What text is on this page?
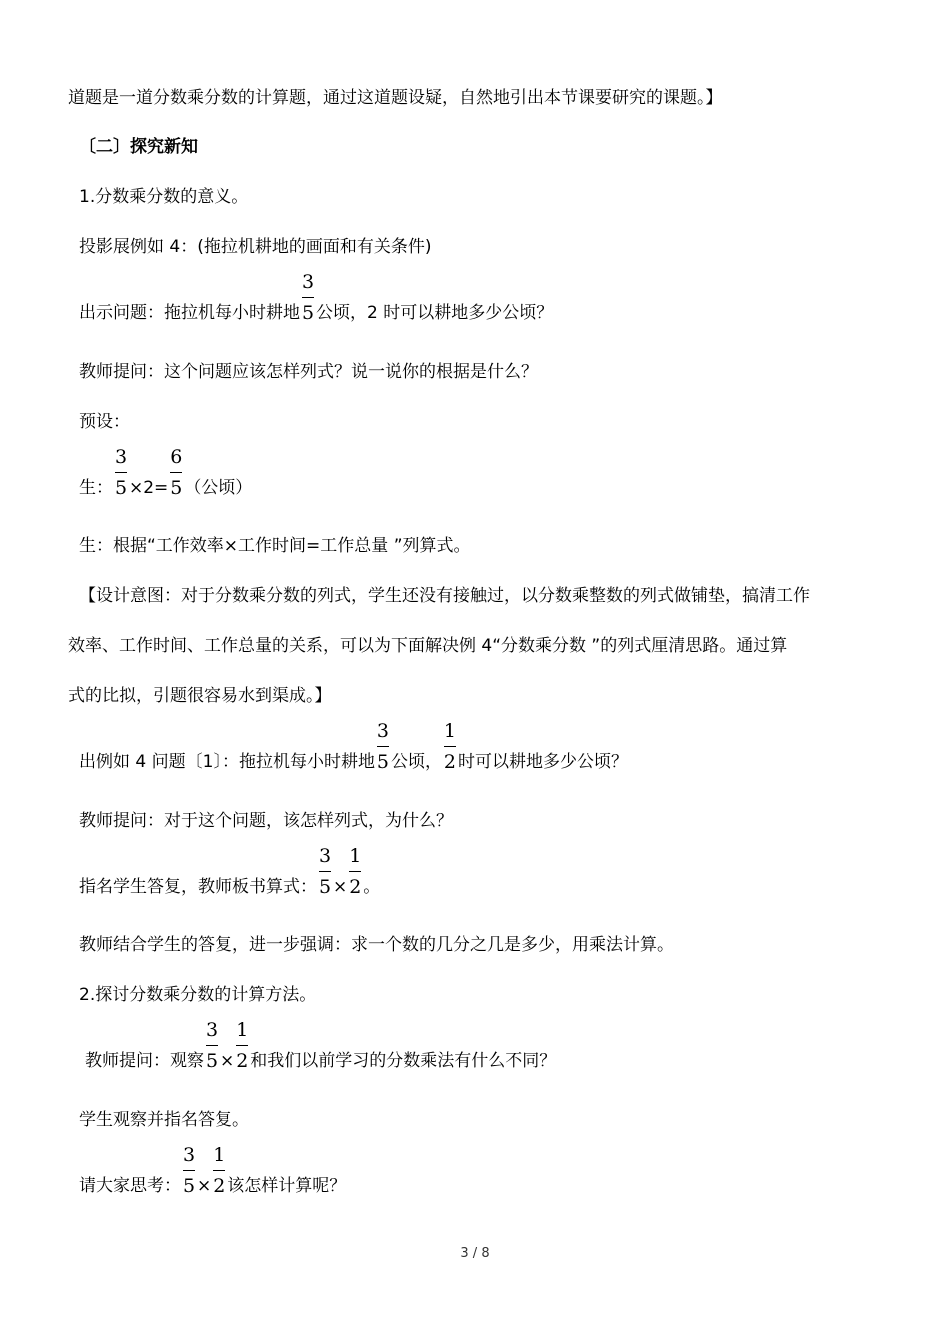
道题是一道分数乘分数的计算题，通过这道题设疑，自然地引出本节课要研究的课题。】
〔二〕探究新知
1.分数乘分数的意义。
投影展例如 4：(拖拉机耕地的画面和有关条件)
出示问题：拖拉机每小时耕地 $\frac{3}{5}$ 公顷，2 时可以耕地多少公顷？
教师提问：这个问题应该怎样列式？说一说你的根据是什么？
预设：
生： $\frac{3}{5} \times 2= \frac{6}{5}$ （公顷）
生：根据“工作效率×工作时间=工作总量 ”列算式。
【设计意图：对于分数乘分数的列式，学生还没有接触过，以分数乘整数的列式做铺垫，搞清工作
效率、工作时间、工作总量的关系，可以为下面解决例 4“分数乘分数 ”的列式厘清思路。通过算
式的比拟，引题很容易水到渠成。】
出例如 4 问题〔1〕：拖拉机每小时耕地 $\frac{3}{5}$ 公顷， $\frac{1}{2}$ 时可以耕地多少公顷？
教师提问：对于这个问题，该怎样列式，为什么？
指名学生答复，教师板书算式： $\frac{3}{5} \times \frac{1}{2}$ 。
教师结合学生的答复，进一步强调：求一个数的几分之几是多少，用乘法计算。
2.探讨分数乘分数的计算方法。
教师提问：观察 $\frac{3}{5} \times \frac{1}{2}$ 和我们以前学习的分数乘法有什么不同？
学生观察并指名答复。
请大家思考： $\frac{3}{5} \times \frac{1}{2}$ 该怎样计算呢？
3 / 8
